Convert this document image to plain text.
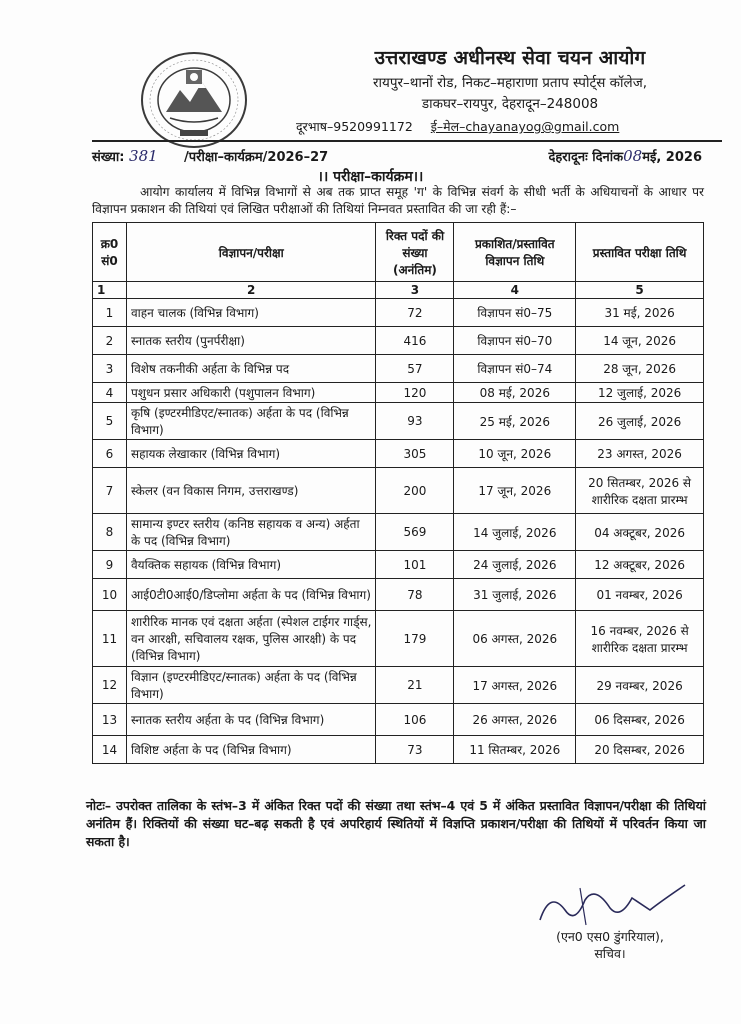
उत्तराखण्ड अधीनस्थ सेवा चयन आयोग
रायपुर–थानों रोड, निकट–महाराणा प्रताप स्पोर्ट्स कॉलेज,
डाकघर–रायपुर, देहरादून–248008
दूरभाष–9520991172 ई–मेल–chayanayog@gmail.com
संख्या: 381 /परीक्षा–कार्यक्रम/2026–27	देहरादूनः दिनांक08मई, 2026
।। परीक्षा–कार्यक्रम।।
आयोग कार्यालय में विभिन्न विभागों से अब तक प्राप्त समूह 'ग' के विभिन्न संवर्ग के सीधी भर्ती के अधियाचनों के आधार पर विज्ञापन प्रकाशन की तिथियां एवं लिखित परीक्षाओं की तिथियां निम्नवत प्रस्तावित की जा रही हैं:–
क्र0 सं0	विज्ञापन/परीक्षा	रिक्त पदों की संख्या (अनंतिम)	प्रकाशित/प्रस्तावित विज्ञापन तिथि	प्रस्तावित परीक्षा तिथि
1	2	3	4	5
1	वाहन चालक (विभिन्न विभाग)	72	विज्ञापन सं0–75	31 मई, 2026
2	स्नातक स्तरीय (पुनर्परीक्षा)	416	विज्ञापन सं0–70	14 जून, 2026
3	विशेष तकनीकी अर्हता के विभिन्न पद	57	विज्ञापन सं0–74	28 जून, 2026
4	पशुधन प्रसार अधिकारी (पशुपालन विभाग)	120	08 मई, 2026	12 जुलाई, 2026
5	कृषि (इण्टरमीडिएट/स्नातक) अर्हता के पद (विभिन्न विभाग)	93	25 मई, 2026	26 जुलाई, 2026
6	सहायक लेखाकार (विभिन्न विभाग)	305	10 जून, 2026	23 अगस्त, 2026
7	स्केलर (वन विकास निगम, उत्तराखण्ड)	200	17 जून, 2026	20 सितम्बर, 2026 से शारीरिक दक्षता प्रारम्भ
8	सामान्य इण्टर स्तरीय (कनिष्ठ सहायक व अन्य) अर्हता के पद (विभिन्न विभाग)	569	14 जुलाई, 2026	04 अक्टूबर, 2026
9	वैयक्तिक सहायक (विभिन्न विभाग)	101	24 जुलाई, 2026	12 अक्टूबर, 2026
10	आई0टी0आई0/डिप्लोमा अर्हता के पद (विभिन्न विभाग)	78	31 जुलाई, 2026	01 नवम्बर, 2026
11	शारीरिक मानक एवं दक्षता अर्हता (स्पेशल टाईगर गार्ड्स, वन आरक्षी, सचिवालय रक्षक, पुलिस आरक्षी) के पद (विभिन्न विभाग)	179	06 अगस्त, 2026	16 नवम्बर, 2026 से शारीरिक दक्षता प्रारम्भ
12	विज्ञान (इण्टरमीडिएट/स्नातक) अर्हता के पद (विभिन्न विभाग)	21	17 अगस्त, 2026	29 नवम्बर, 2026
13	स्नातक स्तरीय अर्हता के पद (विभिन्न विभाग)	106	26 अगस्त, 2026	06 दिसम्बर, 2026
14	विशिष्ट अर्हता के पद (विभिन्न विभाग)	73	11 सितम्बर, 2026	20 दिसम्बर, 2026
नोटः– उपरोक्त तालिका के स्तंभ–3 में अंकित रिक्त पदों की संख्या तथा स्तंभ–4 एवं 5 में अंकित प्रस्तावित विज्ञापन/परीक्षा की तिथियां अनंतिम हैं। रिक्तियों की संख्या घट–बढ़ सकती है एवं अपरिहार्य स्थितियों में विज्ञप्ति प्रकाशन/परीक्षा की तिथियों में परिवर्तन किया जा सकता है।
(एन0 एस0 डुंगरियाल),
सचिव।
